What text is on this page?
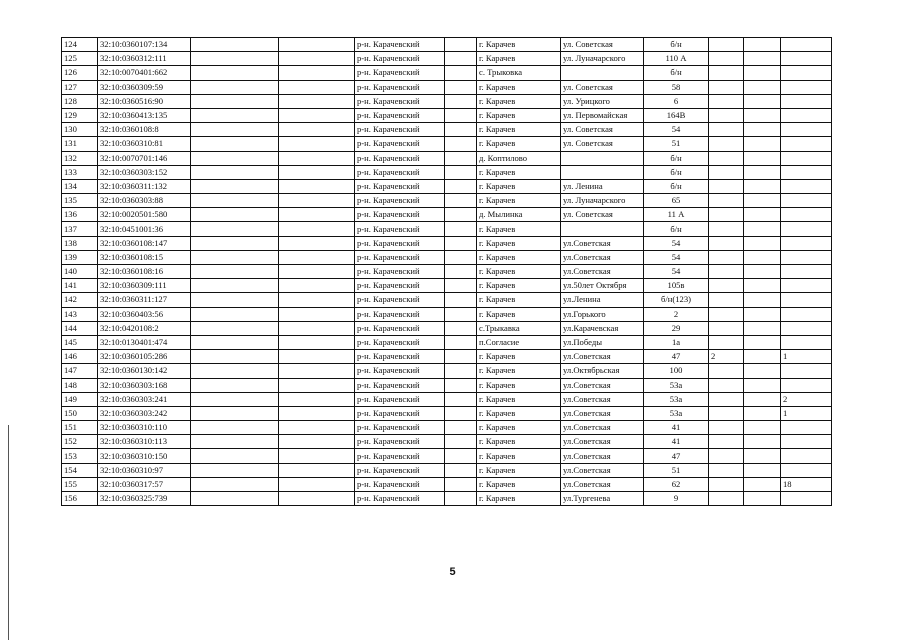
124	32:10:0360107:134			р-н. Карачевский		г. Карачев	ул. Советская	б/н			
125	32:10:0360312:111			р-н. Карачевский		г. Карачев	ул. Луначарского	110 А			
126	32:10:0070401:662			р-н. Карачевский		с. Трыковка		б/н			
127	32:10:0360309:59			р-н. Карачевский		г. Карачев	ул. Советская	58			
128	32:10:0360516:90			р-н. Карачевский		г. Карачев	ул. Урицкого	6			
129	32:10:0360413:135			р-н. Карачевский		г. Карачев	ул. Первомайская	164В			
130	32:10:0360108:8			р-н. Карачевский		г. Карачев	ул. Советская	54			
131	32:10:0360310:81			р-н. Карачевский		г. Карачев	ул. Советская	51			
132	32:10:0070701:146			р-н. Карачевский		д. Коптилово		б/н			
133	32:10:0360303:152			р-н. Карачевский		г. Карачев		б/н			
134	32:10:0360311:132			р-н. Карачевский		г. Карачев	ул. Ленина	б/н			
135	32:10:0360303:88			р-н. Карачевский		г. Карачев	ул. Луначарского	65			
136	32:10:0020501:580			р-н. Карачевский		д. Мылинка	ул. Советская	11 А			
137	32:10:0451001:36			р-н. Карачевский		г. Карачев		б/н			
138	32:10:0360108:147			р-н. Карачевский		г. Карачев	ул.Советская	54			
139	32:10:0360108:15			р-н. Карачевский		г. Карачев	ул.Советская	54			
140	32:10:0360108:16			р-н. Карачевский		г. Карачев	ул.Советская	54			
141	32:10:0360309:111			р-н. Карачевский		г. Карачев	ул.50лет Октября	105в			
142	32:10:0360311:127			р-н. Карачевский		г. Карачев	ул.Ленина	б/н(123)			
143	32:10:0360403:56			р-н. Карачевский		г. Карачев	ул.Горького	2			
144	32:10:0420108:2			р-н. Карачевский		с.Трыкавка	ул.Карачевская	29			
145	32:10:0130401:474			р-н. Карачевский		п.Согласие	ул.Победы	1а			
146	32:10:0360105:286			р-н. Карачевский		г. Карачев	ул.Советская	47	2		1
147	32:10:0360130:142			р-н. Карачевский		г. Карачев	ул.Октябрьская	100			
148	32:10:0360303:168			р-н. Карачевский		г. Карачев	ул.Советская	53а			
149	32:10:0360303:241			р-н. Карачевский		г. Карачев	ул.Советская	53а			2
150	32:10:0360303:242			р-н. Карачевский		г. Карачев	ул.Советская	53а			1
151	32:10:0360310:110			р-н. Карачевский		г. Карачев	ул.Советская	41			
152	32:10:0360310:113			р-н. Карачевский		г. Карачев	ул.Советская	41			
153	32:10:0360310:150			р-н. Карачевский		г. Карачев	ул.Советская	47			
154	32:10:0360310:97			р-н. Карачевский		г. Карачев	ул.Советская	51			
155	32:10:0360317:57			р-н. Карачевский		г. Карачев	ул.Советская	62			18
156	32:10:0360325:739			р-н. Карачевский		г. Карачев	ул.Тургенева	9			
5
